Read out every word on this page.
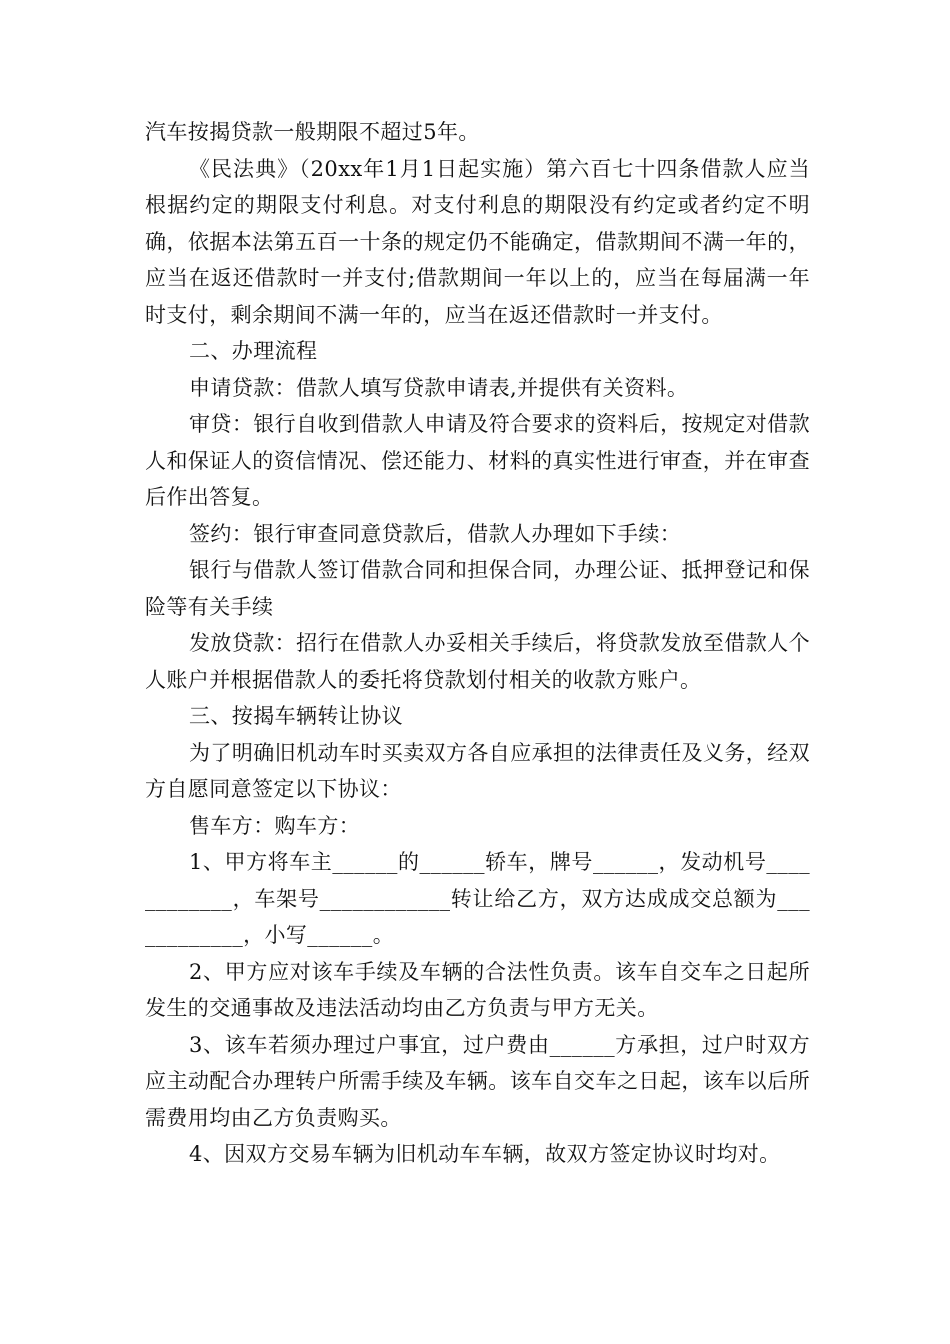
汽车按揭贷款一般期限不超过5年。

《民法典》（20xx年1月1日起实施）第六百七十四条借款人应当根据约定的期限支付利息。对支付利息的期限没有约定或者约定不明确，依据本法第五百一十条的规定仍不能确定，借款期间不满一年的，应当在返还借款时一并支付;借款期间一年以上的，应当在每届满一年时支付，剩余期间不满一年的，应当在返还借款时一并支付。

二、办理流程

申请贷款：借款人填写贷款申请表,并提供有关资料。

审贷：银行自收到借款人申请及符合要求的资料后，按规定对借款人和保证人的资信情况、偿还能力、材料的真实性进行审查，并在审查后作出答复。

签约：银行审查同意贷款后，借款人办理如下手续：

银行与借款人签订借款合同和担保合同，办理公证、抵押登记和保险等有关手续

发放贷款：招行在借款人办妥相关手续后，将贷款发放至借款人个人账户并根据借款人的委托将贷款划付相关的收款方账户。

三、按揭车辆转让协议

为了明确旧机动车时买卖双方各自应承担的法律责任及义务，经双方自愿同意签定以下协议：

售车方：购车方：

1、甲方将车主______的______轿车，牌号______，发动机号____________，车架号____________转让给乙方，双方达成成交总额为____________，小写______。

2、甲方应对该车手续及车辆的合法性负责。该车自交车之日起所发生的交通事故及违法活动均由乙方负责与甲方无关。

3、该车若须办理过户事宜，过户费由______方承担，过户时双方应主动配合办理转户所需手续及车辆。该车自交车之日起，该车以后所需费用均由乙方负责购买。

4、因双方交易车辆为旧机动车车辆，故双方签定协议时均对。
